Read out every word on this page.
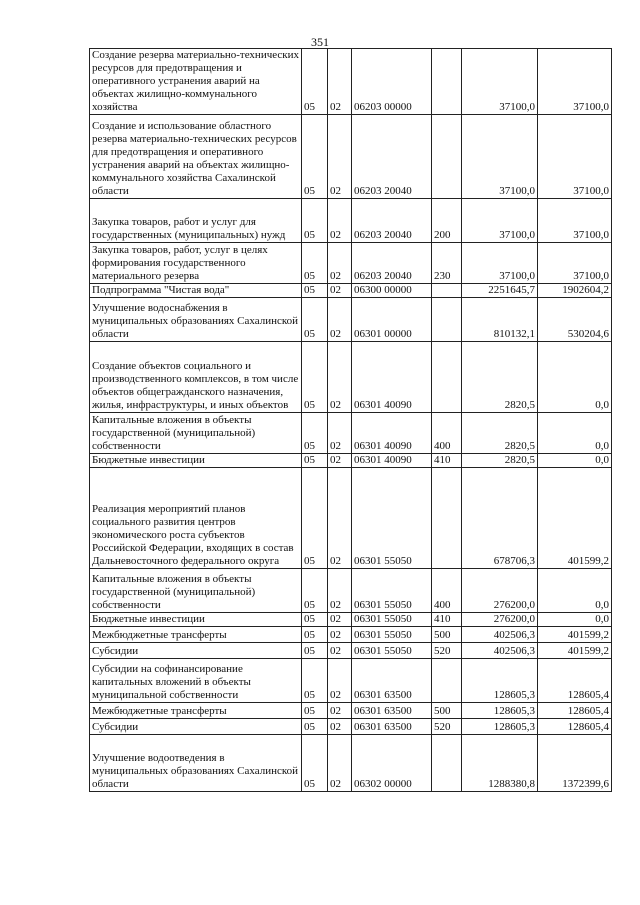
351
Создание резерва материально-технических ресурсов для предотвращения и оперативного устранения аварий на объектах жилищно-коммунального хозяйства	05	02	06203 00000		37100,0	37100,0
Создание и использование областного резерва материально-технических ресурсов для предотвращения и оперативного устранения аварий на объектах жилищно-коммунального хозяйства Сахалинской области	05	02	06203 20040		37100,0	37100,0
Закупка товаров, работ и услуг для государственных (муниципальных) нужд	05	02	06203 20040	200	37100,0	37100,0
Закупка товаров, работ, услуг в целях формирования государственного материального резерва	05	02	06203 20040	230	37100,0	37100,0
Подпрограмма "Чистая вода"	05	02	06300 00000		2251645,7	1902604,2
Улучшение водоснабжения в муниципальных образованиях Сахалинской области	05	02	06301 00000		810132,1	530204,6
Создание объектов социального и производственного комплексов, в том числе объектов общегражданского назначения, жилья, инфраструктуры, и иных объектов	05	02	06301 40090		2820,5	0,0
Капитальные вложения в объекты государственной (муниципальной) собственности	05	02	06301 40090	400	2820,5	0,0
Бюджетные инвестиции	05	02	06301 40090	410	2820,5	0,0
Реализация мероприятий планов социального развития центров экономического роста субъектов Российской Федерации, входящих в состав Дальневосточного федерального округа	05	02	06301 55050		678706,3	401599,2
Капитальные вложения в объекты государственной (муниципальной) собственности	05	02	06301 55050	400	276200,0	0,0
Бюджетные инвестиции	05	02	06301 55050	410	276200,0	0,0
Межбюджетные трансферты	05	02	06301 55050	500	402506,3	401599,2
Субсидии	05	02	06301 55050	520	402506,3	401599,2
Субсидии на софинансирование капитальных вложений в объекты муниципальной собственности	05	02	06301 63500		128605,3	128605,4
Межбюджетные трансферты	05	02	06301 63500	500	128605,3	128605,4
Субсидии	05	02	06301 63500	520	128605,3	128605,4
Улучшение водоотведения в муниципальных образованиях Сахалинской области	05	02	06302 00000		1288380,8	1372399,6
